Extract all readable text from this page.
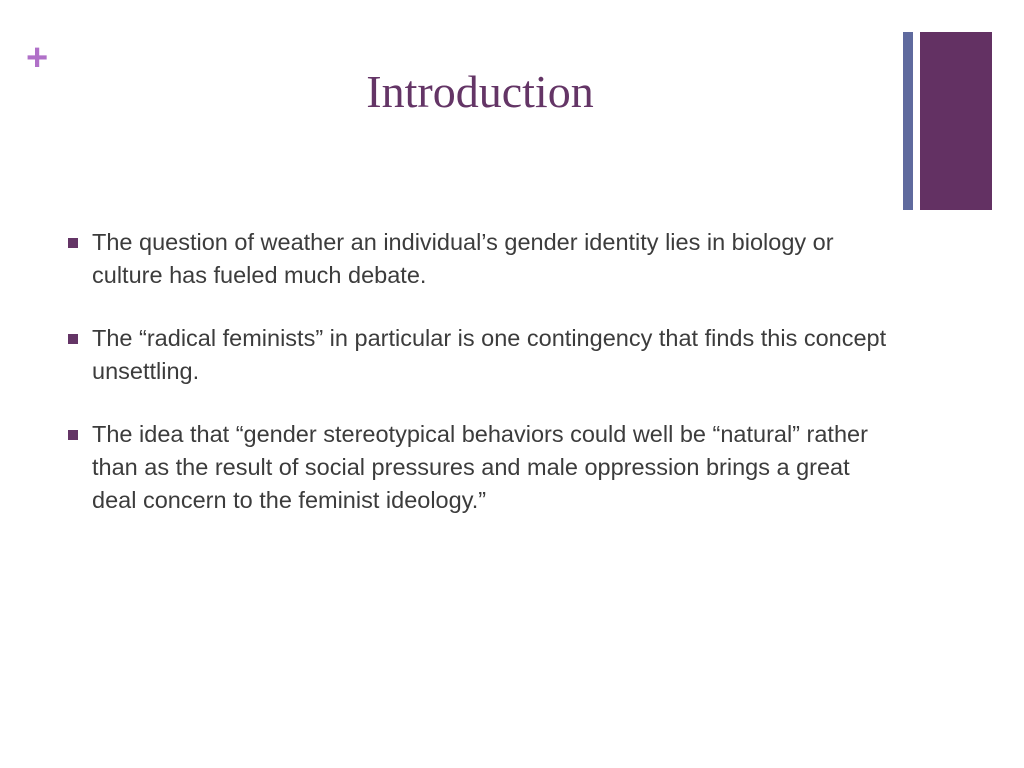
+
Introduction
The question of weather an individual’s gender identity lies in biology or culture has fueled much debate.
The “radical feminists” in particular is one contingency that finds this concept unsettling.
The idea that “gender stereotypical behaviors could well be “natural” rather than as the result of social pressures and male oppression brings a great deal concern to the feminist ideology.”
